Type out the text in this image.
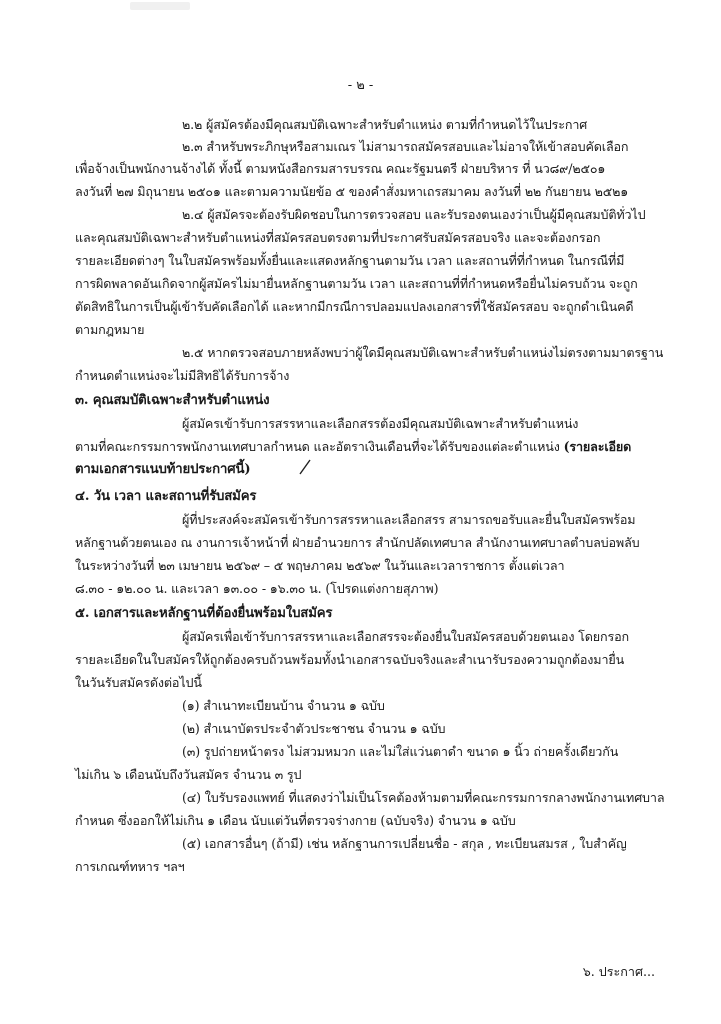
- ๒ -
๒.๒ ผู้สมัครต้องมีคุณสมบัติเฉพาะสำหรับตำแหน่ง ตามที่กำหนดไว้ในประกาศ
๒.๓ สำหรับพระภิกษุหรือสามเณร ไม่สามารถสมัครสอบและไม่อาจให้เข้าสอบคัดเลือก
เพื่อจ้างเป็นพนักงานจ้างได้ ทั้งนี้ ตามหนังสือกรมสารบรรณ คณะรัฐมนตรี ฝ่ายบริหาร ที่ นว๘๙/๒๕๐๑
ลงวันที่ ๒๗ มิถุนายน ๒๕๐๑ และตามความนัยข้อ ๕ ของคำสั่งมหาเถรสมาคม ลงวันที่ ๒๒ กันยายน ๒๕๒๑
๒.๔ ผู้สมัครจะต้องรับผิดชอบในการตรวจสอบ และรับรองตนเองว่าเป็นผู้มีคุณสมบัติทั่วไป
และคุณสมบัติเฉพาะสำหรับตำแหน่งที่สมัครสอบตรงตามที่ประกาศรับสมัครสอบจริง และจะต้องกรอก
รายละเอียดต่างๆ ในใบสมัครพร้อมทั้งยื่นและแสดงหลักฐานตามวัน เวลา และสถานที่ที่กำหนด ในกรณีที่มี
การผิดพลาดอันเกิดจากผู้สมัครไม่มายื่นหลักฐานตามวัน เวลา และสถานที่ที่กำหนดหรือยื่นไม่ครบถ้วน จะถูก
ตัดสิทธิในการเป็นผู้เข้ารับคัดเลือกได้ และหากมีกรณีการปลอมแปลงเอกสารที่ใช้สมัครสอบ จะถูกดำเนินคดี
ตามกฎหมาย
๒.๕ หากตรวจสอบภายหลังพบว่าผู้ใดมีคุณสมบัติเฉพาะสำหรับตำแหน่งไม่ตรงตามมาตรฐาน
กำหนดตำแหน่งจะไม่มีสิทธิได้รับการจ้าง
๓. คุณสมบัติเฉพาะสำหรับตำแหน่ง
ผู้สมัครเข้ารับการสรรหาและเลือกสรรต้องมีคุณสมบัติเฉพาะสำหรับตำแหน่ง
ตามที่คณะกรรมการพนักงานเทศบาลกำหนด และอัตราเงินเดือนที่จะได้รับของแต่ละตำแหน่ง (รายละเอียด
ตามเอกสารแนบท้ายประกาศนี้)
๔. วัน เวลา และสถานที่รับสมัคร
ผู้ที่ประสงค์จะสมัครเข้ารับการสรรหาและเลือกสรร สามารถขอรับและยื่นใบสมัครพร้อม
หลักฐานด้วยตนเอง ณ งานการเจ้าหน้าที่ ฝ่ายอำนวยการ สำนักปลัดเทศบาล สำนักงานเทศบาลตำบลบ่อพลับ
ในระหว่างวันที่ ๒๓ เมษายน ๒๕๖๙ – ๕ พฤษภาคม ๒๕๖๙ ในวันและเวลาราชการ ตั้งแต่เวลา
๘.๓๐ - ๑๒.๐๐ น. และเวลา ๑๓.๐๐ - ๑๖.๓๐ น. (โปรดแต่งกายสุภาพ)
๕. เอกสารและหลักฐานที่ต้องยื่นพร้อมใบสมัคร
ผู้สมัครเพื่อเข้ารับการสรรหาและเลือกสรรจะต้องยื่นใบสมัครสอบด้วยตนเอง โดยกรอก
รายละเอียดในใบสมัครให้ถูกต้องครบถ้วนพร้อมทั้งนำเอกสารฉบับจริงและสำเนารับรองความถูกต้องมายื่น
ในวันรับสมัครดังต่อไปนี้
(๑) สำเนาทะเบียนบ้าน จำนวน ๑ ฉบับ
(๒) สำเนาบัตรประจำตัวประชาชน จำนวน ๑ ฉบับ
(๓) รูปถ่ายหน้าตรง ไม่สวมหมวก และไม่ใส่แว่นตาดำ ขนาด ๑ นิ้ว ถ่ายครั้งเดียวกัน
ไม่เกิน ๖ เดือนนับถึงวันสมัคร จำนวน ๓ รูป
(๔) ใบรับรองแพทย์ ที่แสดงว่าไม่เป็นโรคต้องห้ามตามที่คณะกรรมการกลางพนักงานเทศบาล
กำหนด ซึ่งออกให้ไม่เกิน ๑ เดือน นับแต่วันที่ตรวจร่างกาย (ฉบับจริง) จำนวน ๑ ฉบับ
(๕) เอกสารอื่นๆ (ถ้ามี) เช่น หลักฐานการเปลี่ยนชื่อ - สกุล , ทะเบียนสมรส , ใบสำคัญ
การเกณฑ์ทหาร ฯลฯ
๖. ประกาศ...
